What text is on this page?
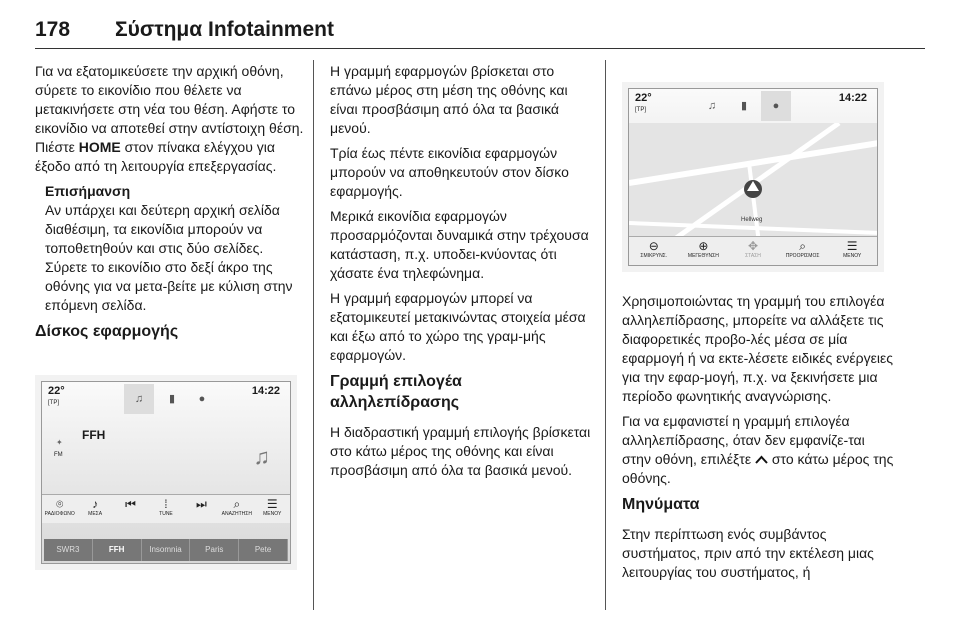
178 Σύστημα Infotainment

Για να εξατομικεύσετε την αρχική οθόνη, σύρετε το εικονίδιο που θέλετε να μετακινήσετε στη νέα του θέση. Αφήστε το εικονίδιο να αποτεθεί στην αντίστοιχη θέση. Πιέστε HOME στον πίνακα ελέγχου για έξοδο από τη λειτουργία επεξεργασίας.

Επισήμανση
Αν υπάρχει και δεύτερη αρχική σελίδα διαθέσιμη, τα εικονίδια μπορούν να τοποθετηθούν και στις δύο σελίδες. Σύρετε το εικονίδιο στο δεξί άκρο της οθόνης για να μετα-βείτε με κύλιση στην επόμενη σελίδα.
Δίσκος εφαρμογής
22°
[TP]
14:22
♫	▮	●
✦
FM
FFH
♫
⌾
ΡΑΔΙΟΦΩΝΟ
♪
ΜΕΣΑ
⏮	⁞
TUNE
⏭	⌕
ΑΝΑΖΗΤΗΣΗ
☰
ΜΕΝΟΥ
SWR3	FFH	Insomnia	Paris	Pete

Η γραμμή εφαρμογών βρίσκεται στο επάνω μέρος στη μέση της οθόνης και είναι προσβάσιμη από όλα τα βασικά μενού.

Τρία έως πέντε εικονίδια εφαρμογών μπορούν να αποθηκευτούν στον δίσκο εφαρμογής.

Μερικά εικονίδια εφαρμογών προσαρμόζονται δυναμικά στην τρέχουσα κατάσταση, π.χ. υποδει-κνύοντας ότι χάσατε ένα τηλεφώνημα.

Η γραμμή εφαρμογών μπορεί να εξατομικευτεί μετακινώντας στοιχεία μέσα και έξω από το χώρο της γραμ-μής εφαρμογών.

Γραμμή επιλογέα αλληλεπίδρασης

Η διαδραστική γραμμή επιλογής βρίσκεται στο κάτω μέρος της οθόνης και είναι προσβάσιμη από όλα τα βασικά μενού.

22°
[TP]
14:22
♫	▮	●
Hellweg
⊖
ΣΜΙΚΡΥΝΣ.
⊕
ΜΕΓΕΘΥΝΣΗ
✥
ΣΤΑΣΗ
⌕
ΠΡΟΟΡΙΣΜΟΣ
☰
ΜΕΝΟΥ

Χρησιμοποιώντας τη γραμμή του επιλογέα αλληλεπίδρασης, μπορείτε να αλλάξετε τις διαφορετικές προβο-λές μέσα σε μία εφαρμογή ή να εκτε-λέσετε ειδικές ενέργειες για την εφαρ-μογή, π.χ. να ξεκινήσετε μια περίοδο φωνητικής αναγνώρισης.

Για να εμφανιστεί η γραμμή επιλογέα αλληλεπίδρασης, όταν δεν εμφανίζε-ται στην οθόνη, επιλέξτε  στο κάτω μέρος της οθόνης.

Μηνύματα

Στην περίπτωση ενός συμβάντος συστήματος, πριν από την εκτέλεση μιας λειτουργίας του συστήματος, ή
